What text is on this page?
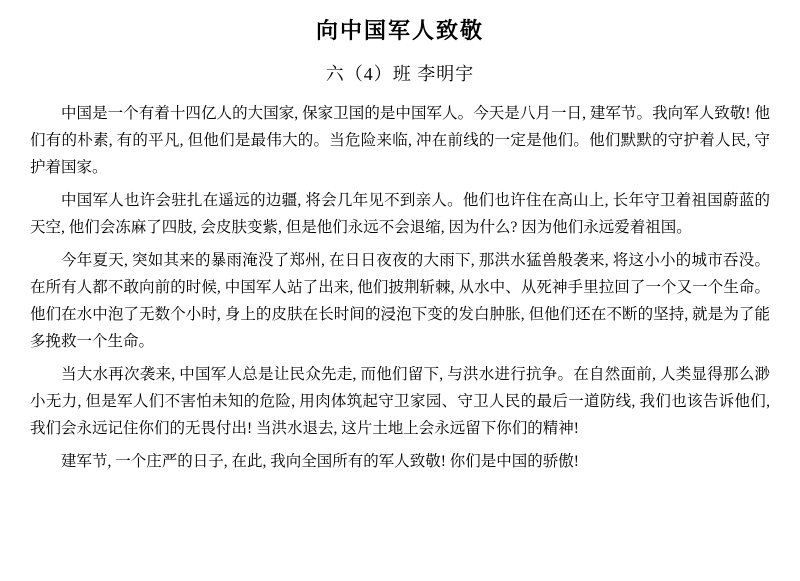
向中国军人致敬
六（4）班 李明宇

中国是一个有着十四亿人的大国家, 保家卫国的是中国军人。今天是八月一日, 建军节。我向军人致敬! 他们有的朴素, 有的平凡, 但他们是最伟大的。当危险来临, 冲在前线的一定是他们。他们默默的守护着人民, 守护着国家。

中国军人也许会驻扎在遥远的边疆, 将会几年见不到亲人。他们也许住在高山上, 长年守卫着祖国蔚蓝的天空, 他们会冻麻了四肢, 会皮肤变紫, 但是他们永远不会退缩, 因为什么? 因为他们永远爱着祖国。

今年夏天, 突如其来的暴雨淹没了郑州, 在日日夜夜的大雨下, 那洪水猛兽般袭来, 将这小小的城市吞没。在所有人都不敢向前的时候, 中国军人站了出来, 他们披荆斩棘, 从水中、从死神手里拉回了一个又一个生命。他们在水中泡了无数个小时, 身上的皮肤在长时间的浸泡下变的发白肿胀, 但他们还在不断的坚持, 就是为了能多挽救一个生命。

当大水再次袭来, 中国军人总是让民众先走, 而他们留下, 与洪水进行抗争。在自然面前, 人类显得那么渺小无力, 但是军人们不害怕未知的危险, 用肉体筑起守卫家园、守卫人民的最后一道防线, 我们也该告诉他们, 我们会永远记住你们的无畏付出! 当洪水退去, 这片土地上会永远留下你们的精神!

建军节, 一个庄严的日子, 在此, 我向全国所有的军人致敬! 你们是中国的骄傲!
